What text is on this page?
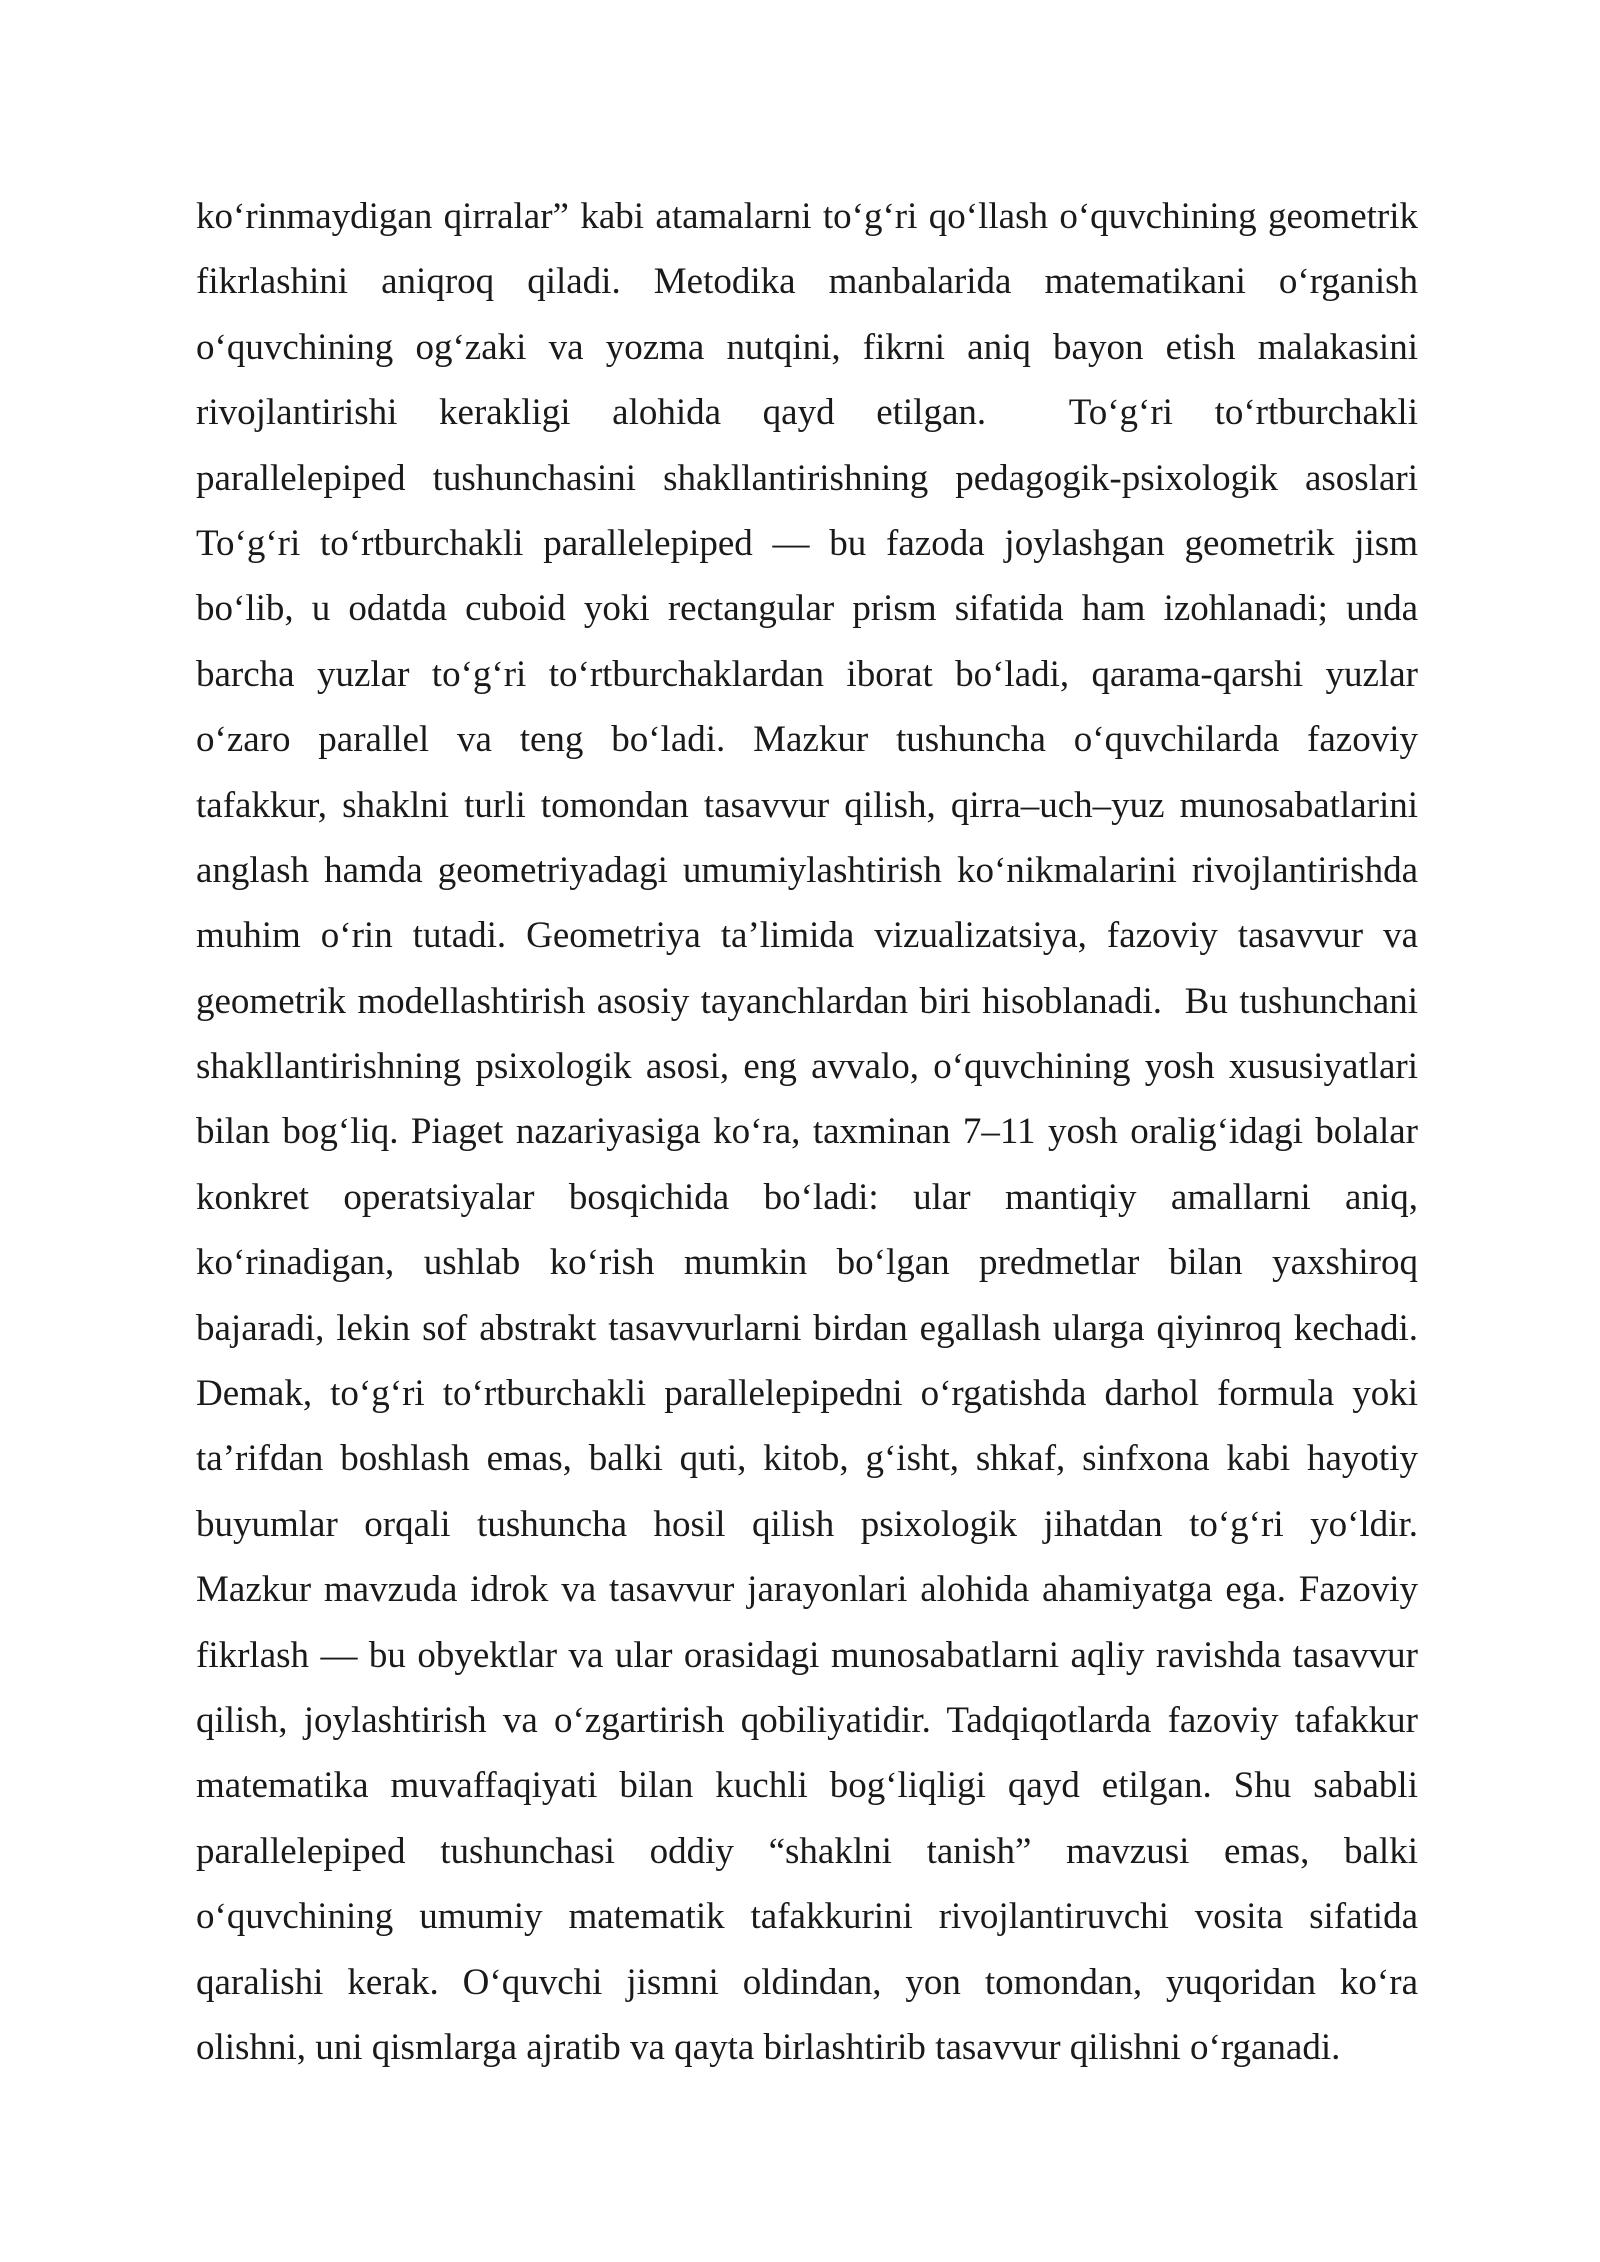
ko‘rinmaydigan qirralar” kabi atamalarni to‘g‘ri qo‘llash o‘quvchining geometrik
fikrlashini aniqroq qiladi. Metodika manbalarida matematikani o‘rganish
o‘quvchining og‘zaki va yozma nutqini, fikrni aniq bayon etish malakasini
rivojlantirishi kerakligi alohida qayd etilgan.  To‘g‘ri to‘rtburchakli
parallelepiped tushunchasini shakllantirishning pedagogik-psixologik asoslari
To‘g‘ri to‘rtburchakli parallelepiped — bu fazoda joylashgan geometrik jism
bo‘lib, u odatda cuboid yoki rectangular prism sifatida ham izohlanadi; unda
barcha yuzlar to‘g‘ri to‘rtburchaklardan iborat bo‘ladi, qarama-qarshi yuzlar
o‘zaro parallel va teng bo‘ladi. Mazkur tushuncha o‘quvchilarda fazoviy
tafakkur, shaklni turli tomondan tasavvur qilish, qirra–uch–yuz munosabatlarini
anglash hamda geometriyadagi umumiylashtirish ko‘nikmalarini rivojlantirishda
muhim o‘rin tutadi. Geometriya ta’limida vizualizatsiya, fazoviy tasavvur va
geometrik modellashtirish asosiy tayanchlardan biri hisoblanadi.  Bu tushunchani
shakllantirishning psixologik asosi, eng avvalo, o‘quvchining yosh xususiyatlari
bilan bog‘liq. Piaget nazariyasiga ko‘ra, taxminan 7–11 yosh oralig‘idagi bolalar
konkret operatsiyalar bosqichida bo‘ladi: ular mantiqiy amallarni aniq,
ko‘rinadigan, ushlab ko‘rish mumkin bo‘lgan predmetlar bilan yaxshiroq
bajaradi, lekin sof abstrakt tasavvurlarni birdan egallash ularga qiyinroq kechadi.
Demak, to‘g‘ri to‘rtburchakli parallelepipedni o‘rgatishda darhol formula yoki
ta’rifdan boshlash emas, balki quti, kitob, g‘isht, shkaf, sinfxona kabi hayotiy
buyumlar orqali tushuncha hosil qilish psixologik jihatdan to‘g‘ri yo‘ldir.
Mazkur mavzuda idrok va tasavvur jarayonlari alohida ahamiyatga ega. Fazoviy
fikrlash — bu obyektlar va ular orasidagi munosabatlarni aqliy ravishda tasavvur
qilish, joylashtirish va o‘zgartirish qobiliyatidir. Tadqiqotlarda fazoviy tafakkur
matematika muvaffaqiyati bilan kuchli bog‘liqligi qayd etilgan. Shu sababli
parallelepiped tushunchasi oddiy “shaklni tanish” mavzusi emas, balki
o‘quvchining umumiy matematik tafakkurini rivojlantiruvchi vosita sifatida
qaralishi kerak. O‘quvchi jismni oldindan, yon tomondan, yuqoridan ko‘ra
olishni, uni qismlarga ajratib va qayta birlashtirib tasavvur qilishni o‘rganadi.
